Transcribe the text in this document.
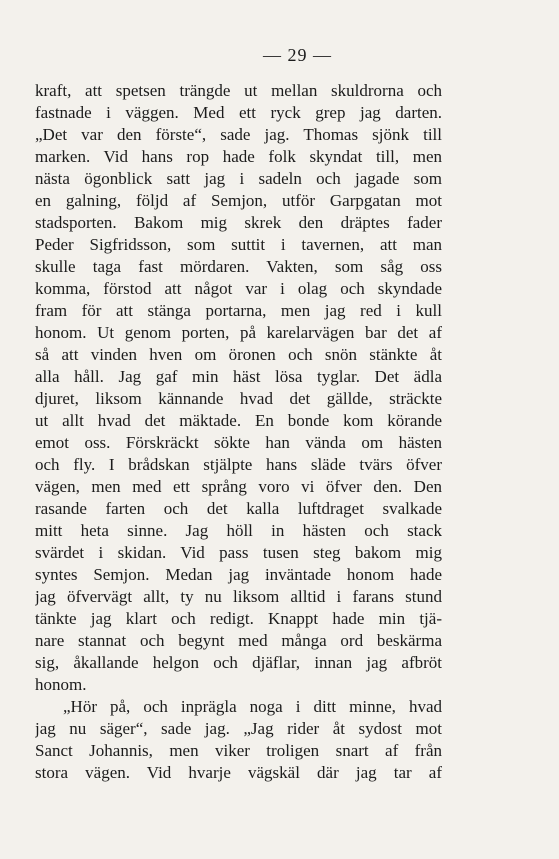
— 29 —
kraft, att spetsen trängde ut mellan skuldrorna och
fastnade i väggen. Med ett ryck grep jag darten.
„Det var den förste“, sade jag. Thomas sjönk till
marken. Vid hans rop hade folk skyndat till, men
nästa ögonblick satt jag i sadeln och jagade som
en galning, följd af Semjon, utför Garpgatan mot
stadsporten. Bakom mig skrek den dräptes fader
Peder Sigfridsson, som suttit i tavernen, att man
skulle taga fast mördaren. Vakten, som såg oss
komma, förstod att något var i olag och skyndade
fram för att stänga portarna, men jag red i kull
honom. Ut genom porten, på karelarvägen bar det af
så att vinden hven om öronen och snön stänkte åt
alla håll. Jag gaf min häst lösa tyglar. Det ädla
djuret, liksom kännande hvad det gällde, sträckte
ut allt hvad det mäktade. En bonde kom körande
emot oss. Förskräckt sökte han vända om hästen
och fly. I brådskan stjälpte hans släde tvärs öfver
vägen, men med ett språng voro vi öfver den. Den
rasande farten och det kalla luftdraget svalkade
mitt heta sinne. Jag höll in hästen och stack
svärdet i skidan. Vid pass tusen steg bakom mig
syntes Semjon. Medan jag inväntade honom hade
jag öfvervägt allt, ty nu liksom alltid i farans stund
tänkte jag klart och redigt. Knappt hade min tjä-
nare stannat och begynt med många ord beskärma
sig, åkallande helgon och djäflar, innan jag afbröt
honom.
„Hör på, och inprägla noga i ditt minne, hvad
jag nu säger“, sade jag. „Jag rider åt sydost mot
Sanct Johannis, men viker troligen snart af från
stora vägen. Vid hvarje vägskäl där jag tar af
